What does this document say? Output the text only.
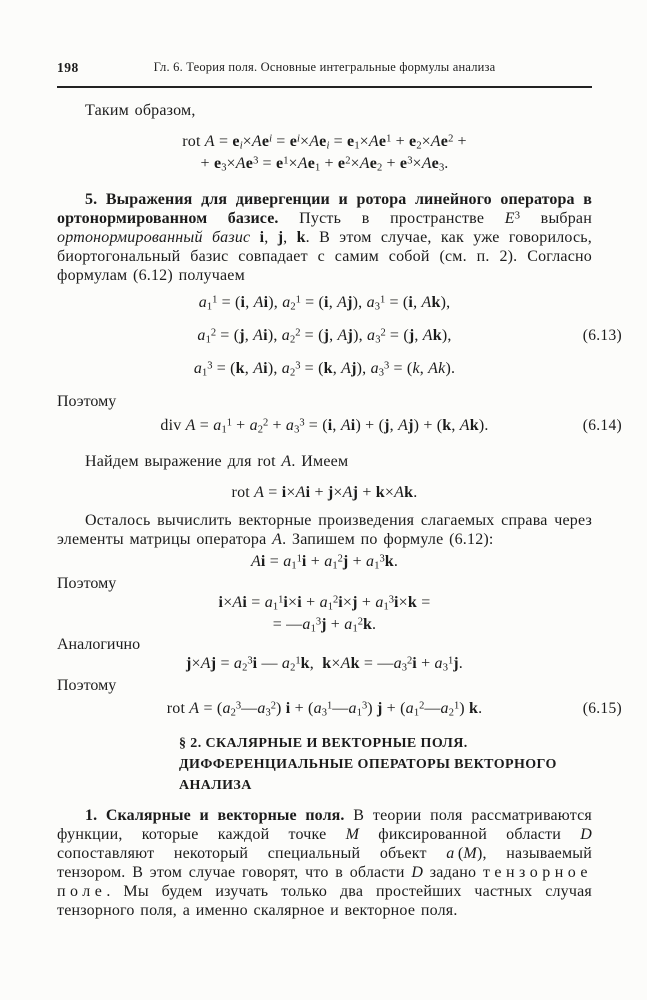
198	Гл. 6. Теория поля. Основные интегральные формулы анализа

Таким образом,

rot $A = e_i\times Ae^i = e^i\times Ae_i = e_1\times Ae^1 + e_2\times Ae^2$ +
+ $e_3\times Ae^3 = e^1\times Ae_1 + e^2\times Ae_2 + e^3\times Ae_3$.

5. Выражения для дивергенции и ротора линейного оператора в ортонормированном базисе. Пусть в пространстве $E^3$ выбран ортонормированный базис i, j, k. В этом случае, как уже говорилось, биортогональный базис совпадает с самим собой (см. п. 2). Согласно формулам (6.12) получаем

$a_1^1 = (i$, Ai), $a_2^1 = (i$, Aj), $a_3^1 = (i$, Ak),
$a_1^2 = (j$, Ai), $a_2^2 = (j$, Aj), $a_3^2 = (j$, Ak),
$a_1^3 = (k$, Ai), $a_2^3 = (k$, Aj), $a_3^3 = (k$, Ak).
(6.13)

Поэтому

div $A = a_1^1 + a_2^2 + a_3^3 = (i$, Ai) + (j, Aj) + (k, Ak).	(6.14)

Найдем выражение для rot A. Имеем

rot A = i×Ai + j×Aj + k×Ak.

Осталось вычислить векторные произведения слагаемых справа через элементы матрицы оператора A. Запишем по формуле (6.12):

$Ai = a_1^1i + a_1^2j + a_1^3k$.

Поэтому

$i\times Ai = a_1^1i\times i + a_1^2i\times j + a_1^3i\times k$ =
= $—a_1^3j + a_1^2k$.

Аналогично

$j\times Aj = a_2^3i$ — $a_2^1k$,  $k\times Ak = —a_3^2i + a_3^1j$.

Поэтому

rot $A = (a_2^3—a_3^2) i$ + $(a_3^1—a_1^3) j$ + $(a_1^2—a_2^1)$ k.	(6.15)
§ 2. СКАЛЯРНЫЕ И ВЕКТОРНЫЕ ПОЛЯ.
ДИФФЕРЕНЦИАЛЬНЫЕ ОПЕРАТОРЫ ВЕКТОРНОГО
АНАЛИЗА

1. Скалярные и векторные поля. В теории поля рассматриваются функции, которые каждой точке M фиксированной области D сопоставляют некоторый специальный объект a (M), называемый тензором. В этом случае говорят, что в области D задано тензорное поле. Мы будем изучать только два простейших частных случая тензорного поля, а именно скалярное и векторное поля.
